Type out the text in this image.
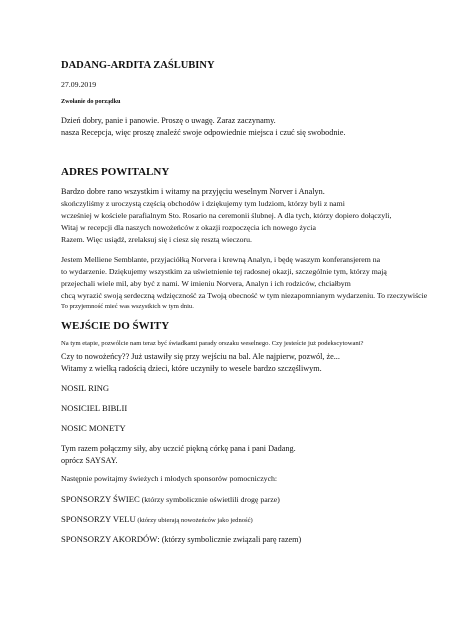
DADANG-ARDITA ZAŚLUBINY
27.09.2019
Zwołanie do porządku
Dzień dobry, panie i panowie. Proszę o uwagę. Zaraz zaczynamy.
nasza Recepcja, więc proszę znaleźć swoje odpowiednie miejsca i czuć się swobodnie.
ADRES POWITALNY
Bardzo dobre rano wszystkim i witamy na przyjęciu weselnym Norver i Analyn.
skończyliśmy z uroczystą częścią obchodów i dziękujemy tym ludziom, którzy byli z nami
wcześniej w kościele parafialnym Sto. Rosario na ceremonii ślubnej. A dla tych, którzy dopiero dołączyli,
Witaj w recepcji dla naszych nowożeńców z okazji rozpoczęcia ich nowego życia
Razem. Więc usiądź, zrelaksuj się i ciesz się resztą wieczoru.
Jestem Melliene Semblante, przyjaciółką Norvera i krewną Analyn, i będę waszym konferansjerem na
to wydarzenie. Dziękujemy wszystkim za uświetnienie tej radosnej okazji, szczególnie tym, którzy mają
przejechali wiele mil, aby być z nami. W imieniu Norvera, Analyn i ich rodziców, chciałbym
chcą wyrazić swoją serdeczną wdzięczność za Twoją obecność w tym niezapomnianym wydarzeniu. To rzeczywiście
To przyjemność mieć was wszystkich w tym dniu.
WEJŚCIE DO ŚWITY
Na tym etapie, pozwólcie nam teraz być świadkami parady orszaku weselnego. Czy jesteście już podekscytowani?
Czy to nowożeńcy?? Już ustawiły się przy wejściu na bal. Ale najpierw, pozwól, że...
Witamy z wielką radością dzieci, które uczyniły to wesele bardzo szczęśliwym.
NOSIL RING
NOSICIEL BIBLII
NOSIC MONETY
Tym razem połączmy siły, aby uczcić piękną córkę pana i pani Dadang.
oprócz SAYSAY.
Następnie powitajmy świeżych i młodych sponsorów pomocniczych:
SPONSORZY ŚWIEC (którzy symbolicznie oświetlili drogę parze)
SPONSORZY VELU (którzy ubierają nowożeńców jako jedność)
SPONSORZY AKORDÓW: (którzy symbolicznie związali parę razem)
